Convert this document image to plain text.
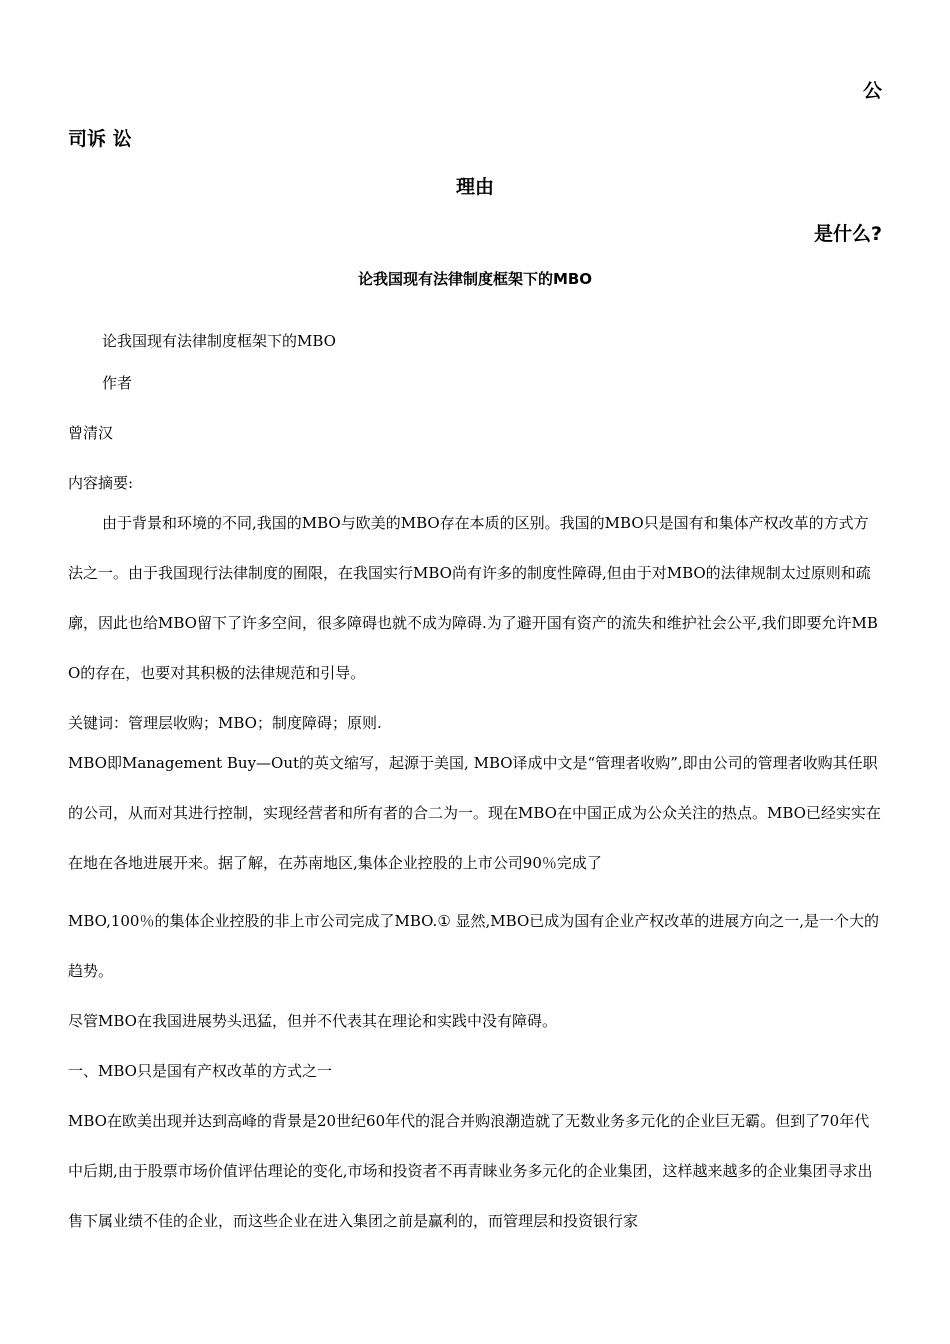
公
司诉 讼
理由
是什么?
论我国现有法律制度框架下的MBO
论我国现有法律制度框架下的MBO
作者
曾清汉
内容摘要:
由于背景和环境的不同,我国的MBO与欧美的MBO存在本质的区别。我国的MBO只是国有和集体产权改革的方式方法之一。由于我国现行法律制度的囿限，在我国实行MBO尚有许多的制度性障碍,但由于对MBO的法律规制太过原则和疏廓，因此也给MBO留下了许多空间，很多障碍也就不成为障碍.为了避开国有资产的流失和维护社会公平,我们即要允许MBO的存在，也要对其积极的法律规范和引导。
关键词：管理层收购；MBO；制度障碍；原则.
MBO即Management Buy—Out的英文缩写，起源于美国, MBO译成中文是“管理者收购”,即由公司的管理者收购其任职的公司，从而对其进行控制，实现经营者和所有者的合二为一。现在MBO在中国正成为公众关注的热点。MBO已经实实在在地在各地进展开来。据了解，在苏南地区,集体企业控股的上市公司90％完成了
MBO,100％的集体企业控股的非上市公司完成了MBO.① 显然,MBO已成为国有企业产权改革的进展方向之一,是一个大的趋势。
尽管MBO在我国进展势头迅猛，但并不代表其在理论和实践中没有障碍。
一、MBO只是国有产权改革的方式之一
MBO在欧美出现并达到高峰的背景是20世纪60年代的混合并购浪潮造就了无数业务多元化的企业巨无霸。但到了70年代中后期,由于股票市场价值评估理论的变化,市场和投资者不再青睐业务多元化的企业集团，这样越来越多的企业集团寻求出售下属业绩不佳的企业，而这些企业在进入集团之前是赢利的，而管理层和投资银行家
